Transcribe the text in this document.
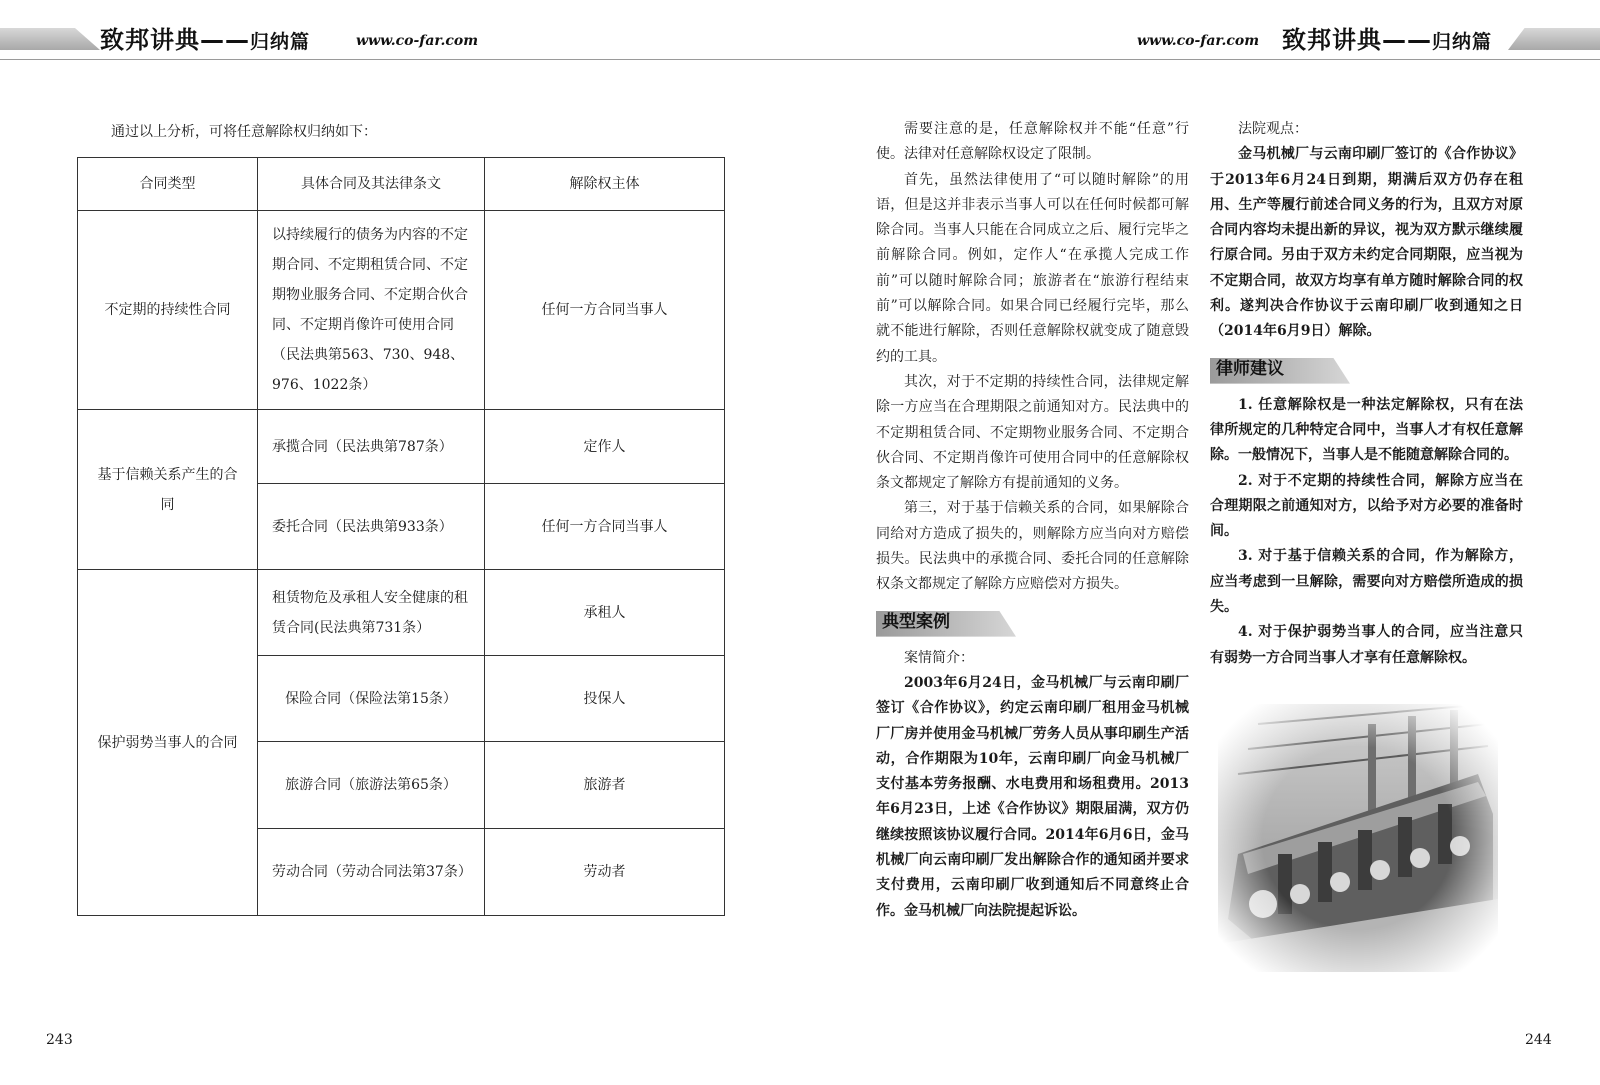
致邦讲典——归纳篇	www.co-far.com	www.co-far.com 致邦讲典——归纳篇
通过以上分析，可将任意解除权归纳如下：
合同类型	具体合同及其法律条文	解除权主体
不定期的持续性合同	以持续履行的债务为内容的不定期合同、不定期租赁合同、不定期物业服务合同、不定期合伙合同、不定期肖像许可使用合同（民法典第563、730、948、976、1022条）	任何一方合同当事人
基于信赖关系产生的合同	承揽合同（民法典第787条）	定作人
	委托合同（民法典第933条）	任何一方合同当事人
保护弱势当事人的合同	租赁物危及承租人安全健康的租赁合同(民法典第731条）	承租人
	保险合同（保险法第15条）	投保人
	旅游合同（旅游法第65条）	旅游者
	劳动合同（劳动合同法第37条）	劳动者
243

需要注意的是，任意解除权并不能“任意”行使。法律对任意解除权设定了限制。

首先，虽然法律使用了“可以随时解除”的用语，但是这并非表示当事人可以在任何时候都可解除合同。当事人只能在合同成立之后、履行完毕之前解除合同。例如，定作人“在承揽人完成工作前”可以随时解除合同；旅游者在“旅游行程结束前”可以解除合同。如果合同已经履行完毕，那么就不能进行解除，否则任意解除权就变成了随意毁约的工具。

其次，对于不定期的持续性合同，法律规定解除一方应当在合理期限之前通知对方。民法典中的不定期租赁合同、不定期物业服务合同、不定期合伙合同、不定期肖像许可使用合同中的任意解除权条文都规定了解除方有提前通知的义务。

第三，对于基于信赖关系的合同，如果解除合同给对方造成了损失的，则解除方应当向对方赔偿损失。民法典中的承揽合同、委托合同的任意解除权条文都规定了解除方应赔偿对方损失。

典型案例

案情简介：

2003年6月24日，金马机械厂与云南印刷厂签订《合作协议》，约定云南印刷厂租用金马机械厂厂房并使用金马机械厂劳务人员从事印刷生产活动，合作期限为10年，云南印刷厂向金马机械厂支付基本劳务报酬、水电费用和场租费用。2013年6月23日，上述《合作协议》期限届满，双方仍继续按照该协议履行合同。2014年6月6日，金马机械厂向云南印刷厂发出解除合作的通知函并要求支付费用，云南印刷厂收到通知后不同意终止合作。金马机械厂向法院提起诉讼。

法院观点：

金马机械厂与云南印刷厂签订的《合作协议》于2013年6月24日到期，期满后双方仍存在租用、生产等履行前述合同义务的行为，且双方对原合同内容均未提出新的异议，视为双方默示继续履行原合同。另由于双方未约定合同期限，应当视为不定期合同，故双方均享有单方随时解除合同的权利。遂判决合作协议于云南印刷厂收到通知之日（2014年6月9日）解除。

律师建议

1. 任意解除权是一种法定解除权，只有在法律所规定的几种特定合同中，当事人才有权任意解除。一般情况下，当事人是不能随意解除合同的。

2. 对于不定期的持续性合同，解除方应当在合理期限之前通知对方，以给予对方必要的准备时间。

3. 对于基于信赖关系的合同，作为解除方，应当考虑到一旦解除，需要向对方赔偿所造成的损失。

4. 对于保护弱势当事人的合同，应当注意只有弱势一方合同当事人才享有任意解除权。

244
